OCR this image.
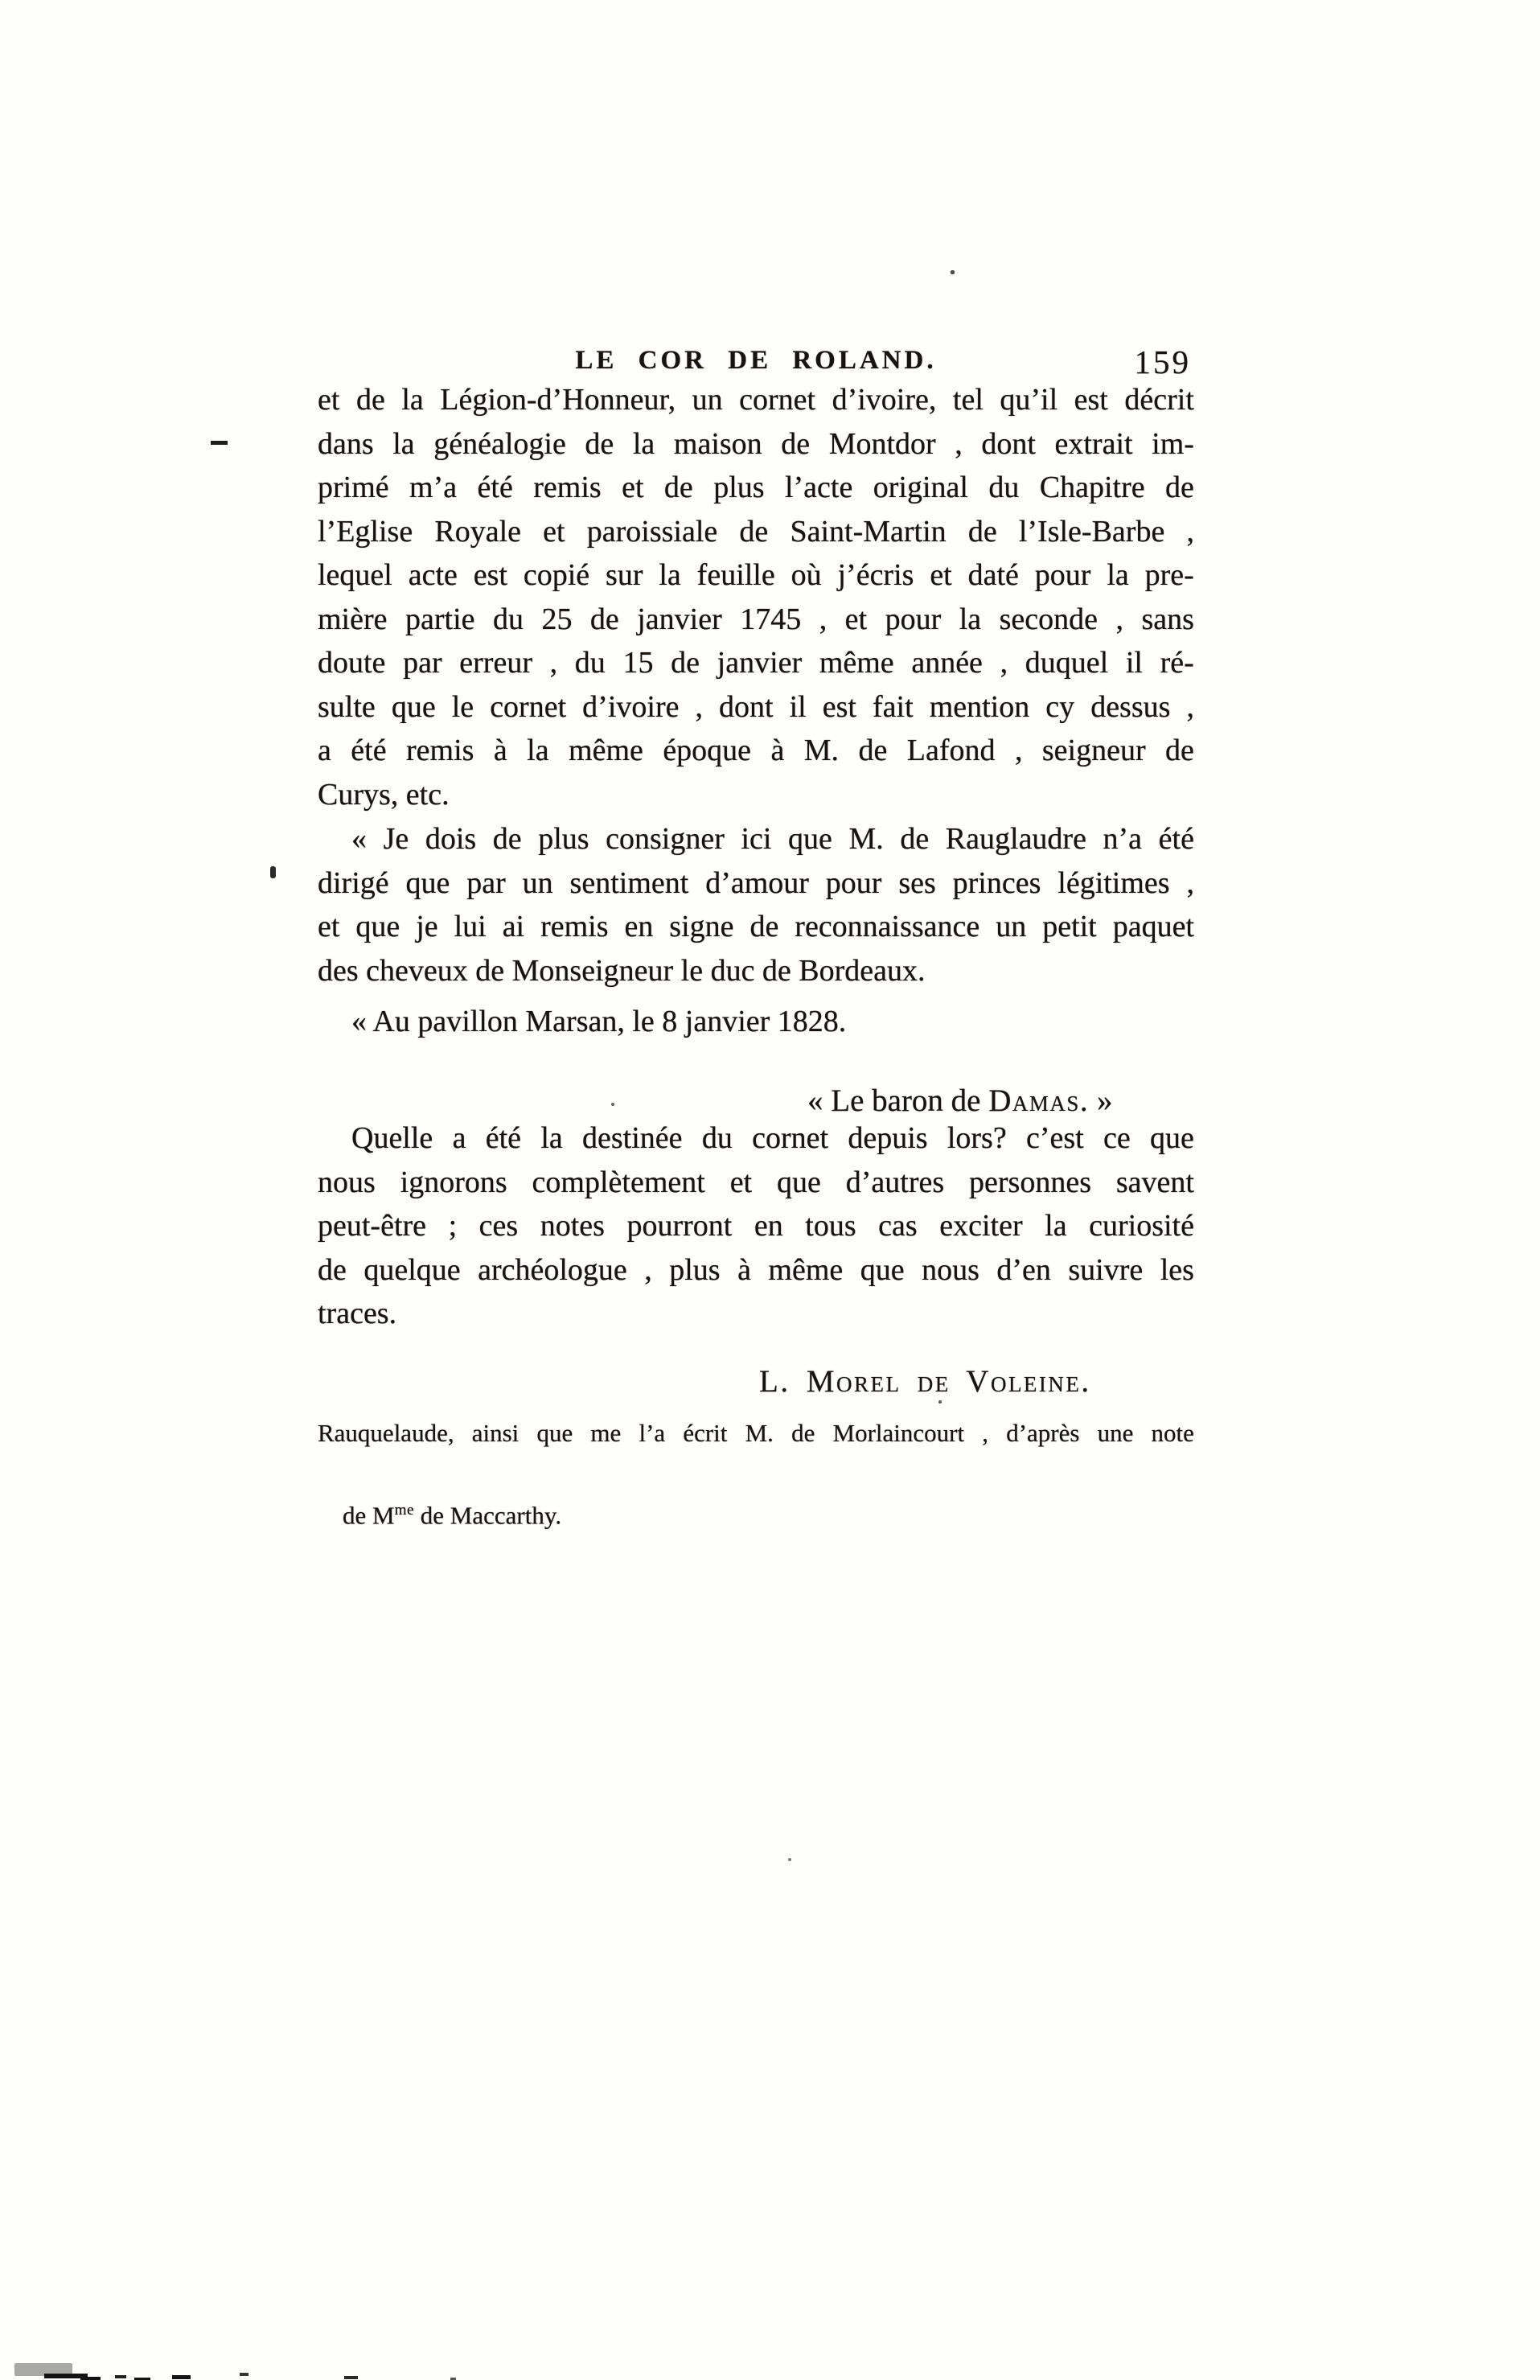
LE COR DE ROLAND.	159
et de la Légion-d’Honneur, un cornet d’ivoire, tel qu’il est décrit
dans la généalogie de la maison de Montdor , dont extrait im-
primé m’a été remis et de plus l’acte original du Chapitre de
l’Eglise Royale et paroissiale de Saint-Martin de l’Isle-Barbe ,
lequel acte est copié sur la feuille où j’écris et daté pour la pre-
mière partie du 25 de janvier 1745 , et pour la seconde , sans
doute par erreur , du 15 de janvier même année , duquel il ré-
sulte que le cornet d’ivoire , dont il est fait mention cy dessus ,
a été remis à la même époque à M. de Lafond , seigneur de
Curys, etc.
« Je dois de plus consigner ici que M. de Rauglaudre n’a été
dirigé que par un sentiment d’amour pour ses princes légitimes ,
et que je lui ai remis en signe de reconnaissance un petit paquet
des cheveux de Monseigneur le duc de Bordeaux.
« Au pavillon Marsan, le 8 janvier 1828.

« Le baron de Damas. »

Quelle a été la destinée du cornet depuis lors? c’est ce que
nous ignorons complètement et que d’autres personnes savent
peut-être ; ces notes pourront en tous cas exciter la curiosité
de quelque archéologue , plus à même que nous d’en suivre les
traces.

L. Morel de Voleine.

Rauquelaude, ainsi que me l’a écrit M. de Morlaincourt , d’après une note

de $M^{me}$ de Maccarthy.
